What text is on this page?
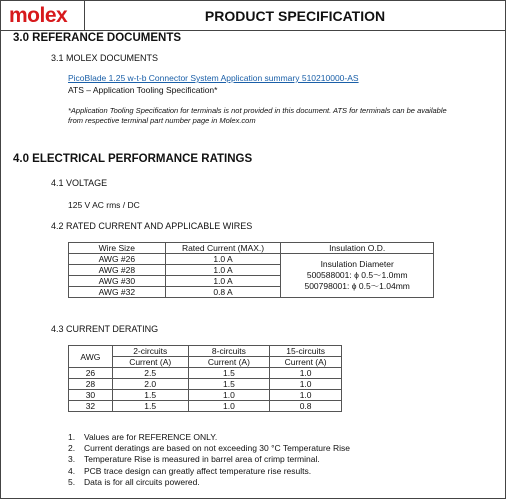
molex	PRODUCT SPECIFICATION
3.0 REFERANCE DOCUMENTS
3.1 MOLEX DOCUMENTS
PicoBlade 1.25 w-t-b Connector System Application summary 510210000-AS
ATS – Application Tooling Specification*
*Application Tooling Specification for terminals is not provided in this document. ATS for terminals can be available from respective terminal part number page in Molex.com
4.0 ELECTRICAL PERFORMANCE RATINGS
4.1 VOLTAGE
125 V AC rms / DC
4.2 RATED CURRENT AND APPLICABLE WIRES
Wire Size	Rated Current (MAX.)	Insulation O.D.
AWG #26	1.0 A	Insulation Diameter
500588001: ϕ 0.5～1.0mm
500798001: ϕ 0.5～1.04mm

AWG #28	1.0 A	
AWG #30	1.0 A	
AWG #32	0.8 A	
4.3 CURRENT DERATING
AWG	2-circuits	8-circuits	15-circuits
	Current (A)	Current (A)	Current (A)
26	2.5	1.5	1.0
28	2.0	1.5	1.0
30	1.5	1.0	1.0
32	1.5	1.0	0.8
1. Values are for REFERENCE ONLY.
2. Current deratings are based on not exceeding 30 °C Temperature Rise
3. Temperature Rise is measured in barrel area of crimp terminal.
4. PCB trace design can greatly affect temperature rise results.
5. Data is for all circuits powered.
